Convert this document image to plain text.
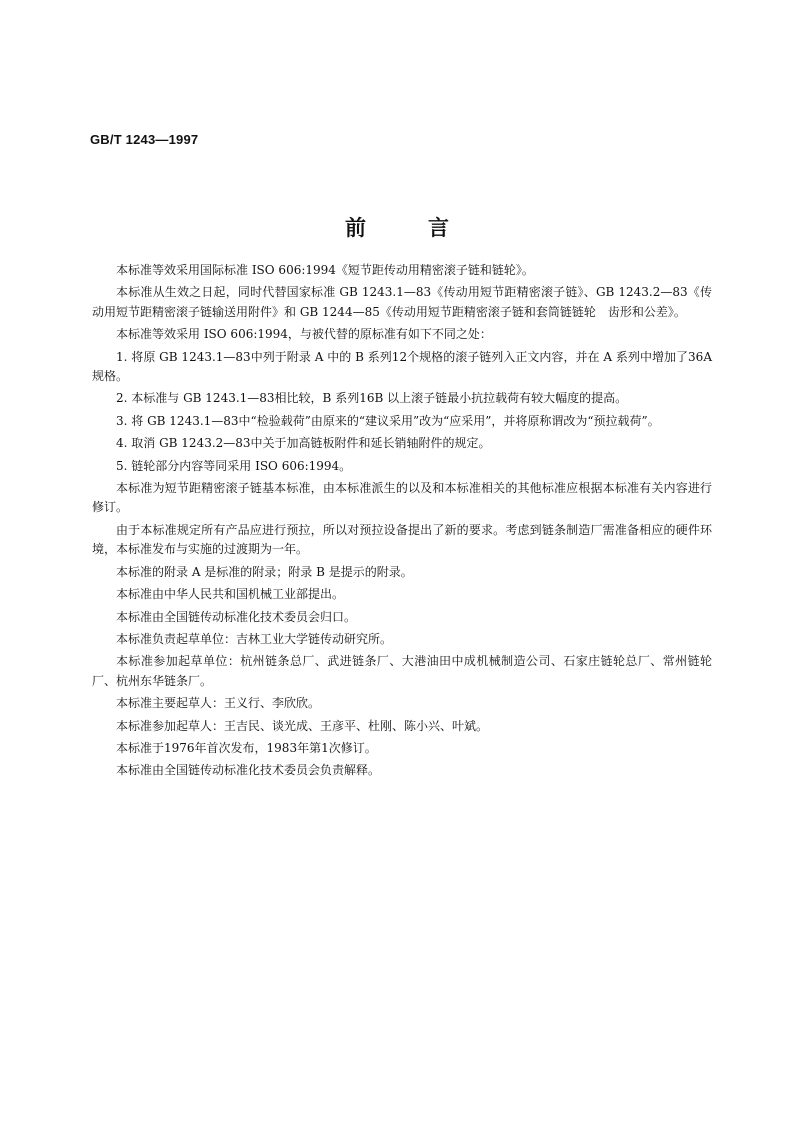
GB/T 1243—1997
前	言

本标准等效采用国际标准 ISO 606:1994《短节距传动用精密滚子链和链轮》。

本标准从生效之日起，同时代替国家标准 GB 1243.1—83《传动用短节距精密滚子链》、GB 1243.2—83《传动用短节距精密滚子链输送用附件》和 GB 1244—85《传动用短节距精密滚子链和套筒链链轮　齿形和公差》。

本标准等效采用 ISO 606:1994，与被代替的原标准有如下不同之处：

1. 将原 GB 1243.1—83中列于附录 A 中的 B 系列12个规格的滚子链列入正文内容，并在 A 系列中增加了36A 规格。

2. 本标准与 GB 1243.1—83相比较，B 系列16B 以上滚子链最小抗拉载荷有较大幅度的提高。

3. 将 GB 1243.1—83中“检验载荷”由原来的“建议采用”改为“应采用”，并将原称谓改为“预拉载荷”。

4. 取消 GB 1243.2—83中关于加高链板附件和延长销轴附件的规定。

5. 链轮部分内容等同采用 ISO 606:1994。

本标准为短节距精密滚子链基本标准，由本标准派生的以及和本标准相关的其他标准应根据本标准有关内容进行修订。

由于本标准规定所有产品应进行预拉，所以对预拉设备提出了新的要求。考虑到链条制造厂需准备相应的硬件环境，本标准发布与实施的过渡期为一年。

本标准的附录 A 是标准的附录；附录 B 是提示的附录。

本标准由中华人民共和国机械工业部提出。

本标准由全国链传动标准化技术委员会归口。

本标准负责起草单位：吉林工业大学链传动研究所。

本标准参加起草单位：杭州链条总厂、武进链条厂、大港油田中成机械制造公司、石家庄链轮总厂、常州链轮厂、杭州东华链条厂。

本标准主要起草人：王义行、李欣欣。

本标准参加起草人：王吉民、谈光成、王彦平、杜刚、陈小兴、叶斌。

本标准于1976年首次发布，1983年第1次修订。

本标准由全国链传动标准化技术委员会负责解释。
